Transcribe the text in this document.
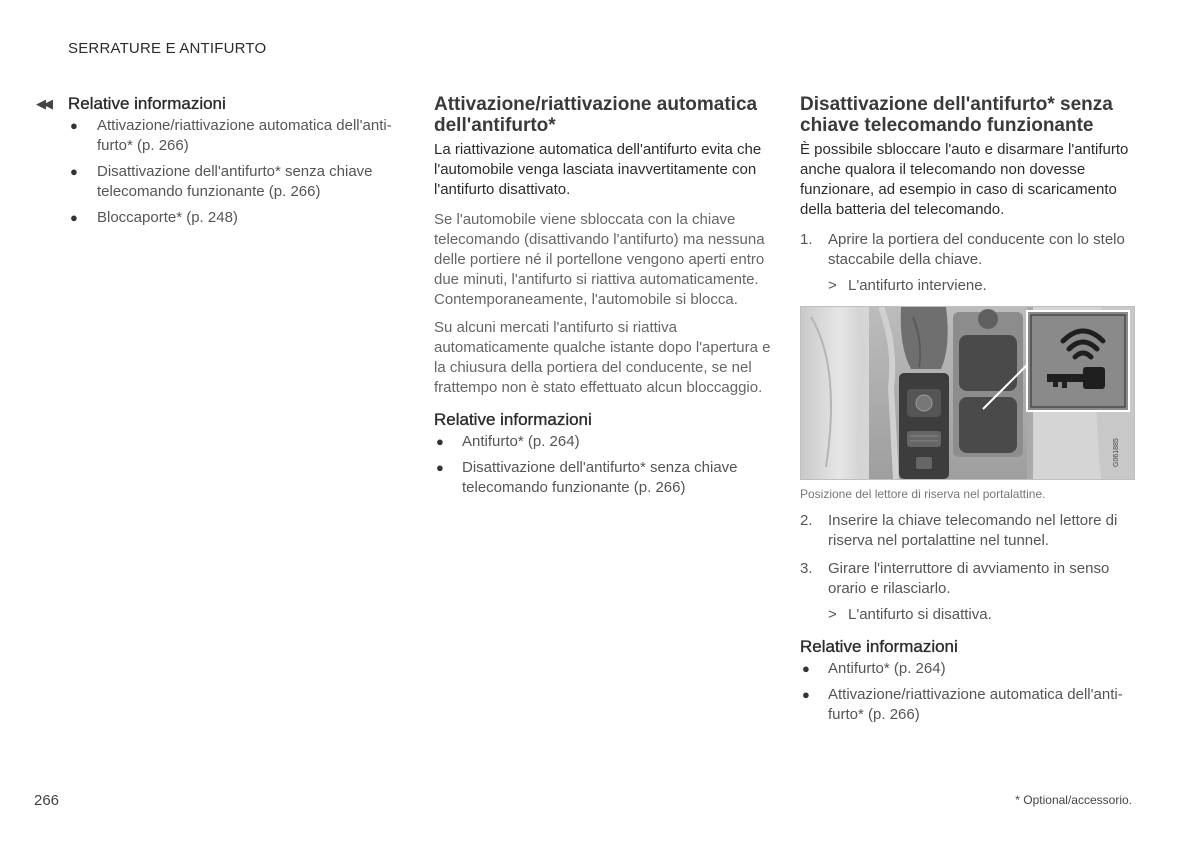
SERRATURE E ANTIFURTO
◀◀ Relative informazioni
● Attivazione/riattivazione automatica dell'anti-furto* (p. 266)
● Disattivazione dell'antifurto* senza chiave telecomando funzionante (p. 266)
● Bloccaporte* (p. 248)
Attivazione/riattivazione automatica dell'antifurto*

La riattivazione automatica dell'antifurto evita che l'automobile venga lasciata inavvertitamente con l'antifurto disattivato.

Se l'automobile viene sbloccata con la chiave telecomando (disattivando l'antifurto) ma nessuna delle portiere né il portellone vengono aperti entro due minuti, l'antifurto si riattiva automaticamente. Contemporaneamente, l'automobile si blocca.

Su alcuni mercati l'antifurto si riattiva automaticamente qualche istante dopo l'apertura e la chiusura della portiera del conducente, se nel frattempo non è stato effettuato alcun bloccaggio.

Relative informazioni
● Antifurto* (p. 264)
● Disattivazione dell'antifurto* senza chiave telecomando funzionante (p. 266)
Disattivazione dell'antifurto* senza chiave telecomando funzionante

È possibile sbloccare l'auto e disarmare l'antifurto anche qualora il telecomando non dovesse funzionare, ad esempio in caso di scaricamento della batteria del telecomando.

1. Aprire la portiera del conducente con lo stelo staccabile della chiave.
> L'antifurto interviene.
G061885
Posizione del lettore di riserva nel portalattine.
2. Inserire la chiave telecomando nel lettore di riserva nel portalattine nel tunnel.
3. Girare l'interruttore di avviamento in senso orario e rilasciarlo.
> L'antifurto si disattiva.
Relative informazioni
● Antifurto* (p. 264)
● Attivazione/riattivazione automatica dell'anti-furto* (p. 266)
266	* Optional/accessorio.
